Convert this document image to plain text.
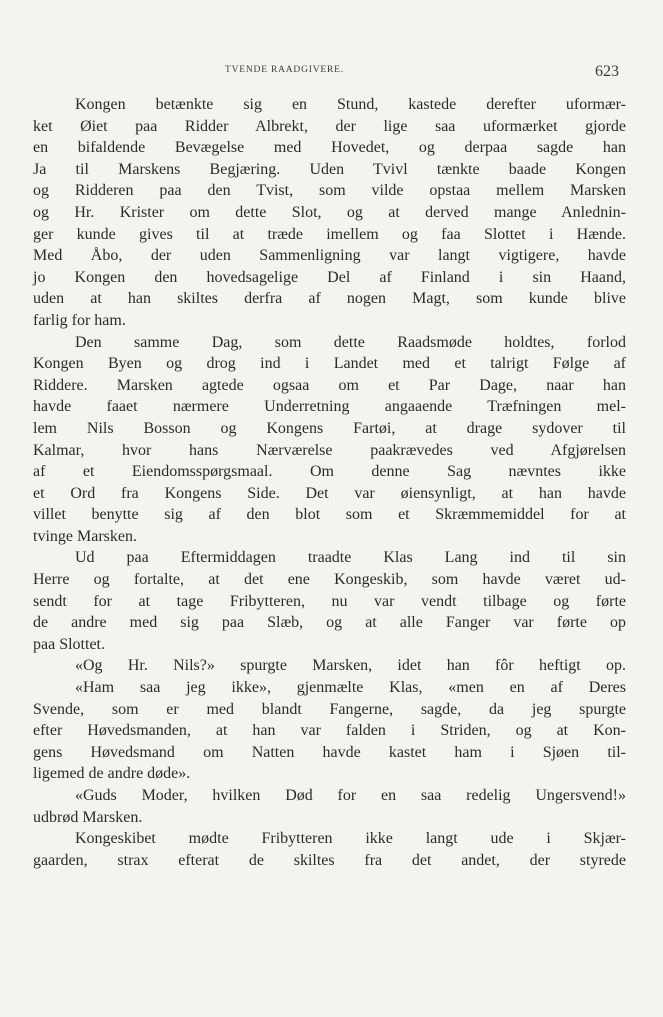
TVENDE RAADGIVERE.	623
Kongen betænkte sig en Stund, kastede derefter uformær-
ket Øiet paa Ridder Albrekt, der lige saa uformærket gjorde
en bifaldende Bevægelse med Hovedet, og derpaa sagde han
Ja til Marskens Begjæring. Uden Tvivl tænkte baade Kongen
og Ridderen paa den Tvist, som vilde opstaa mellem Marsken
og Hr. Krister om dette Slot, og at derved mange Anlednin-
ger kunde gives til at træde imellem og faa Slottet i Hænde.
Med Åbo, der uden Sammenligning var langt vigtigere, havde
jo Kongen den hovedsagelige Del af Finland i sin Haand,
uden at han skiltes derfra af nogen Magt, som kunde blive
farlig for ham.
Den samme Dag, som dette Raadsmøde holdtes, forlod
Kongen Byen og drog ind i Landet med et talrigt Følge af
Riddere. Marsken agtede ogsaa om et Par Dage, naar han
havde faaet nærmere Underretning angaaende Træfningen mel-
lem Nils Bosson og Kongens Fartøi, at drage sydover til
Kalmar, hvor hans Nærværelse paakrævedes ved Afgjørelsen
af et Eiendomsspørgsmaal. Om denne Sag nævntes ikke
et Ord fra Kongens Side. Det var øiensynligt, at han havde
villet benytte sig af den blot som et Skræmmemiddel for at
tvinge Marsken.
Ud paa Eftermiddagen traadte Klas Lang ind til sin
Herre og fortalte, at det ene Kongeskib, som havde været ud-
sendt for at tage Fribytteren, nu var vendt tilbage og førte
de andre med sig paa Slæb, og at alle Fanger var førte op
paa Slottet.
«Og Hr. Nils?» spurgte Marsken, idet han fôr heftigt op.
«Ham saa jeg ikke», gjenmælte Klas, «men en af Deres
Svende, som er med blandt Fangerne, sagde, da jeg spurgte
efter Høvedsmanden, at han var falden i Striden, og at Kon-
gens Høvedsmand om Natten havde kastet ham i Sjøen til-
ligemed de andre døde».
«Guds Moder, hvilken Død for en saa redelig Ungersvend!»
udbrød Marsken.
Kongeskibet mødte Fribytteren ikke langt ude i Skjær-
gaarden, strax efterat de skiltes fra det andet, der styrede
